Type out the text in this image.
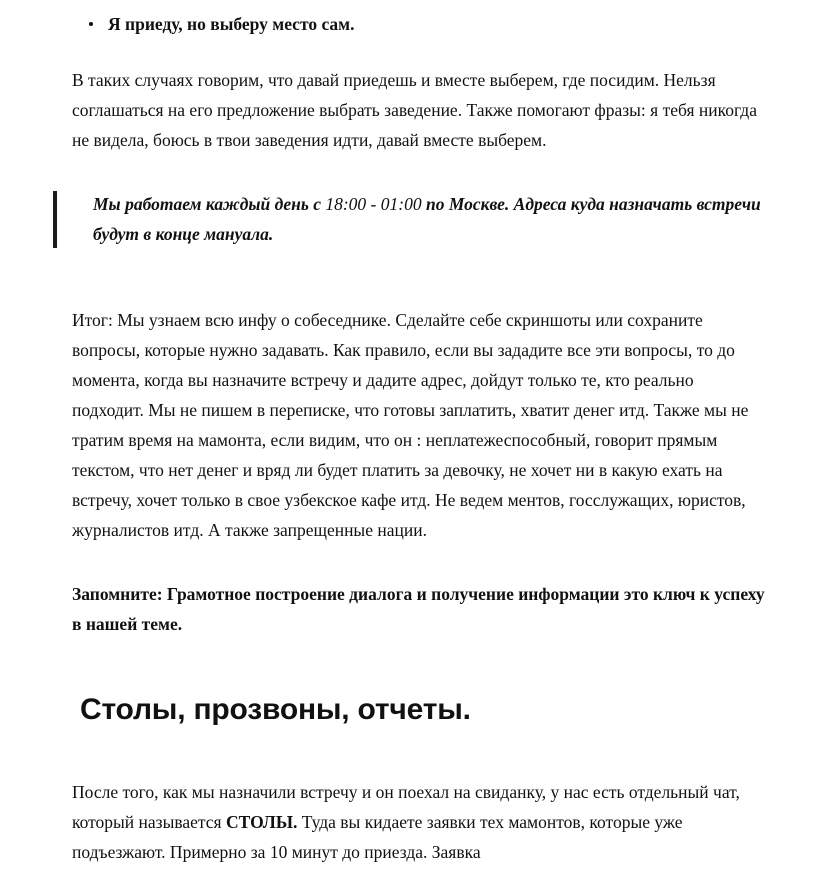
Я приеду, но выберу место сам.

В таких случаях говорим, что давай приедешь и вместе выберем, где посидим. Нельзя соглашаться на его предложение выбрать заведение. Также помогают фразы: я тебя никогда не видела, боюсь в твои заведения идти, давай вместе выберем.

Мы работаем каждый день с 18:00 - 01:00 по Москве. Адреса куда назначать встречи будут в конце мануала.

Итог: Мы узнаем всю инфу о собеседнике. Сделайте себе скриншоты или сохраните вопросы, которые нужно задавать. Как правило, если вы зададите все эти вопросы, то до момента, когда вы назначите встречу и дадите адрес, дойдут только те, кто реально подходит. Мы не пишем в переписке, что готовы заплатить, хватит денег итд. Также мы не тратим время на мамонта, если видим, что он : неплатежеспособный, говорит прямым текстом, что нет денег и вряд ли будет платить за девочку, не хочет ни в какую ехать на встречу, хочет только в свое узбекское кафе итд. Не ведем ментов, госслужащих, юристов, журналистов итд. А также запрещенные нации.

Запомните: Грамотное построение диалога и получение информации это ключ к успеху в нашей теме.

Столы, прозвоны, отчеты.

После того, как мы назначили встречу и он поехал на свиданку, у нас есть отдельный чат, который называется СТОЛЫ. Туда вы кидаете заявки тех мамонтов, которые уже подъезжают. Примерно за 10 минут до приезда. Заявка
